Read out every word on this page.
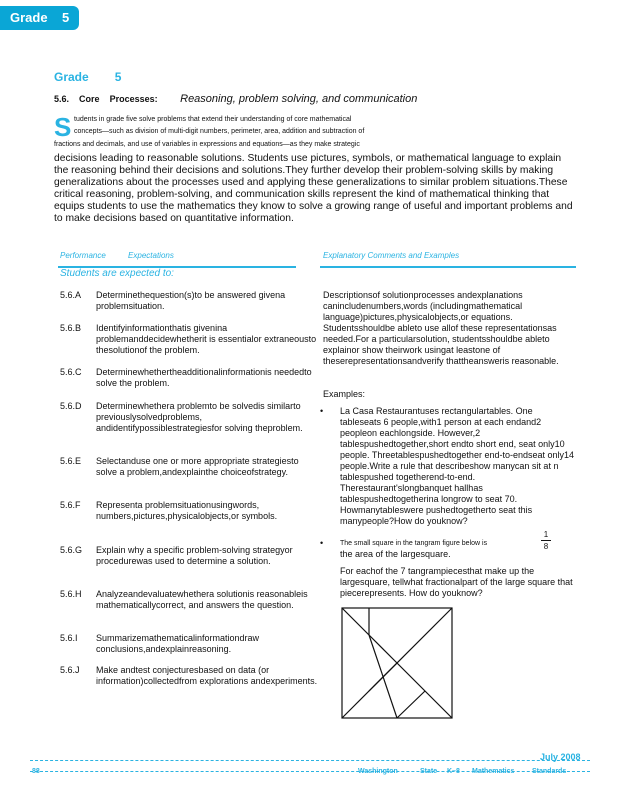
Grade 5
Grade 5
5.6. Core Processes: Reasoning, problem solving, and communication
S tudents in grade five solve problems that extend their understanding of core mathematical
concepts—such as division of multi-digit numbers, perimeter, area, addition and subtraction of
fractions and decimals, and use of variables in expressions and equations—as they make strategic
decisions leading to reasonable solutions. Students use pictures, symbols, or mathematical language to explain the reasoning behind their decisions and solutions.They further develop their problem-solving skills by making generalizations about the processes used and applying these generalizations to similar problem situations.These critical reasoning, problem-solving, and communication skills represent the kind of mathematical thinking that equips students to use the mathematics they know to solve a growing range of useful and important problems and to make decisions based on quantitative information.
Performance	Expectations	Explanatory Comments and Examples
Students are expected to:
5.6.A	Determinethequestion(s)to be answered givena problemsituation.
5.6.B	Identifyinformationthatis givenina problemanddecidewhetherit is essentialor extraneousto thesolutionof the problem.
5.6.C	Determinewhethertheadditionalinformationis neededto solve the problem.
5.6.D	Determinewhethera problemto be solvedis similarto previouslysolvedproblems, andidentifypossiblestrategiesfor solving theproblem.
5.6.E	Selectanduse one or more appropriate strategiesto solve a problem,andexplainthe choiceofstrategy.
5.6.F	Representa problemsituationusingwords, numbers,pictures,physicalobjects,or symbols.
5.6.G	Explain why a specific problem-solving strategyor procedurewas used to determine a solution.
5.6.H	Analyzeandevaluatewhethera solutionis reasonableis mathematicallycorrect, and answers the question.
5.6.I	Summarizemathematicalinformationdraw conclusions,andexplainreasoning.
5.6.J	Make andtest conjecturesbased on data (or information)collectedfrom explorations andexperiments.
Descriptionsof solutionprocesses andexplanations canincludenumbers,words (includingmathematical language)pictures,physicalobjects,or equations. Studentsshouldbe ableto use allof these representationsas needed.For a particularsolution, studentsshouldbe ableto explainor show theirwork usingat leastone of theserepresentationsandverify thattheansweris reasonable.
Examples:
• La Casa Restaurantuses rectangulartables. One tableseats 6 people,with1 person at each endand2 peopleon eachlongside. However,2 tablespushedtogether,short endto short end, seat only10 people. Threetablespushedtogether end-to-endseat only14 people.Write a rule that describeshow manycan sit at n tablespushed togetherend-to-end. Therestaurant'slongbanquet hallhas tablespushedtogetherina longrow to seat 70. Howmanytableswere pushedtogetherto seat this manypeople?How do youknow?
• The small square in the tangram figure below is
1
8
the area of the largesquare.
For eachof the 7 tangrampiecesthat make up the largesquare, tellwhat fractionalpart of the large square that piecerepresents. How do youknow?
July 2008
88	Washington	State K–8 Mathematics	Standards
